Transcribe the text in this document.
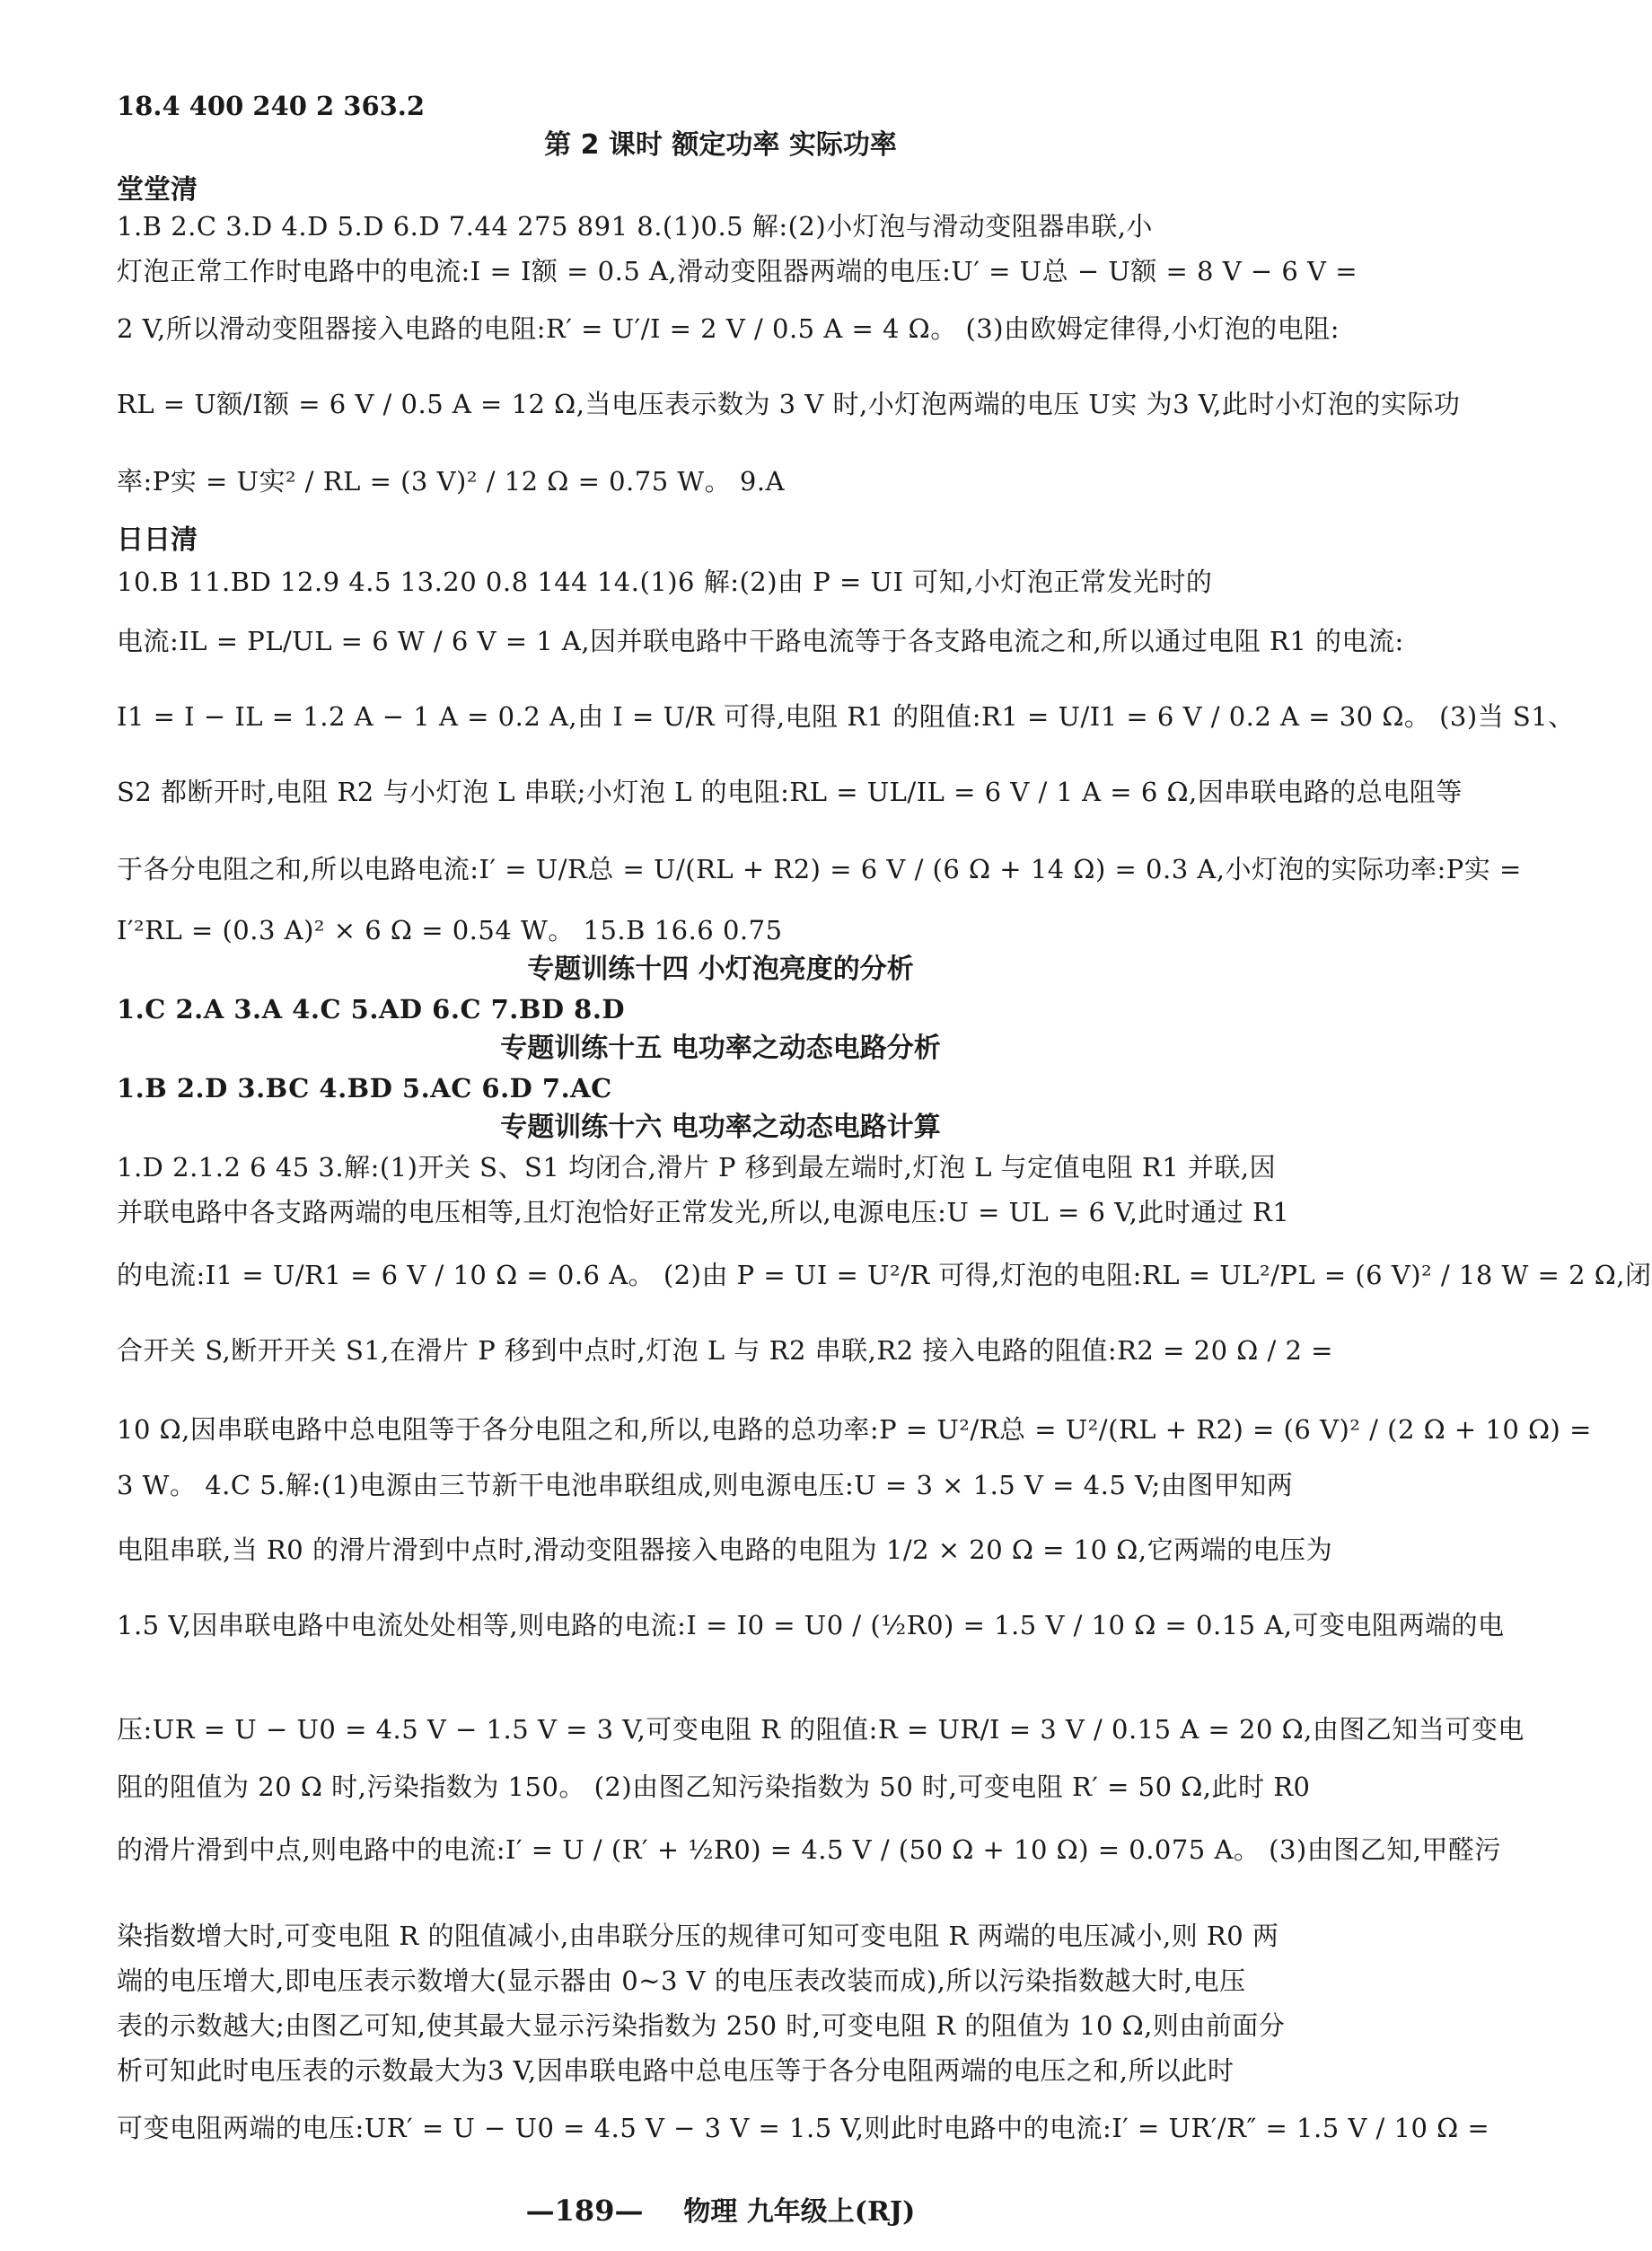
18.4 400 240 2 363.2
第 2 课时 额定功率 实际功率
堂堂清
1.B 2.C 3.D 4.D 5.D 6.D 7.44 275 891 8.(1)0.5 解:(2)小灯泡与滑动变阻器串联,小
灯泡正常工作时电路中的电流:I = I额 = 0.5 A,滑动变阻器两端的电压:U′ = U总 − U额 = 8 V − 6 V =
2 V,所以滑动变阻器接入电路的电阻:R′ = U′/I = 2 V / 0.5 A = 4 Ω。 (3)由欧姆定律得,小灯泡的电阻:
RL = U额/I额 = 6 V / 0.5 A = 12 Ω,当电压表示数为 3 V 时,小灯泡两端的电压 U实 为3 V,此时小灯泡的实际功
率:P实 = U实² / RL = (3 V)² / 12 Ω = 0.75 W。 9.A
日日清
10.B 11.BD 12.9 4.5 13.20 0.8 144 14.(1)6 解:(2)由 P = UI 可知,小灯泡正常发光时的
电流:IL = PL/UL = 6 W / 6 V = 1 A,因并联电路中干路电流等于各支路电流之和,所以通过电阻 R1 的电流:
I1 = I − IL = 1.2 A − 1 A = 0.2 A,由 I = U/R 可得,电阻 R1 的阻值:R1 = U/I1 = 6 V / 0.2 A = 30 Ω。 (3)当 S1、
S2 都断开时,电阻 R2 与小灯泡 L 串联;小灯泡 L 的电阻:RL = UL/IL = 6 V / 1 A = 6 Ω,因串联电路的总电阻等
于各分电阻之和,所以电路电流:I′ = U/R总 = U/(RL + R2) = 6 V / (6 Ω + 14 Ω) = 0.3 A,小灯泡的实际功率:P实 =
I′²RL = (0.3 A)² × 6 Ω = 0.54 W。 15.B 16.6 0.75
专题训练十四 小灯泡亮度的分析
1.C 2.A 3.A 4.C 5.AD 6.C 7.BD 8.D
专题训练十五 电功率之动态电路分析
1.B 2.D 3.BC 4.BD 5.AC 6.D 7.AC
专题训练十六 电功率之动态电路计算
1.D 2.1.2 6 45 3.解:(1)开关 S、S1 均闭合,滑片 P 移到最左端时,灯泡 L 与定值电阻 R1 并联,因
并联电路中各支路两端的电压相等,且灯泡恰好正常发光,所以,电源电压:U = UL = 6 V,此时通过 R1
的电流:I1 = U/R1 = 6 V / 10 Ω = 0.6 A。 (2)由 P = UI = U²/R 可得,灯泡的电阻:RL = UL²/PL = (6 V)² / 18 W = 2 Ω,闭
合开关 S,断开开关 S1,在滑片 P 移到中点时,灯泡 L 与 R2 串联,R2 接入电路的阻值:R2 = 20 Ω / 2 =
10 Ω,因串联电路中总电阻等于各分电阻之和,所以,电路的总功率:P = U²/R总 = U²/(RL + R2) = (6 V)² / (2 Ω + 10 Ω) =
3 W。 4.C 5.解:(1)电源由三节新干电池串联组成,则电源电压:U = 3 × 1.5 V = 4.5 V;由图甲知两
电阻串联,当 R0 的滑片滑到中点时,滑动变阻器接入电路的电阻为 1/2 × 20 Ω = 10 Ω,它两端的电压为
1.5 V,因串联电路中电流处处相等,则电路的电流:I = I0 = U0 / (½R0) = 1.5 V / 10 Ω = 0.15 A,可变电阻两端的电
压:UR = U − U0 = 4.5 V − 1.5 V = 3 V,可变电阻 R 的阻值:R = UR/I = 3 V / 0.15 A = 20 Ω,由图乙知当可变电
阻的阻值为 20 Ω 时,污染指数为 150。 (2)由图乙知污染指数为 50 时,可变电阻 R′ = 50 Ω,此时 R0
的滑片滑到中点,则电路中的电流:I′ = U / (R′ + ½R0) = 4.5 V / (50 Ω + 10 Ω) = 0.075 A。 (3)由图乙知,甲醛污
染指数增大时,可变电阻 R 的阻值减小,由串联分压的规律可知可变电阻 R 两端的电压减小,则 R0 两
端的电压增大,即电压表示数增大(显示器由 0~3 V 的电压表改装而成),所以污染指数越大时,电压
表的示数越大;由图乙可知,使其最大显示污染指数为 250 时,可变电阻 R 的阻值为 10 Ω,则由前面分
析可知此时电压表的示数最大为3 V,因串联电路中总电压等于各分电阻两端的电压之和,所以此时
可变电阻两端的电压:UR′ = U − U0 = 4.5 V − 3 V = 1.5 V,则此时电路中的电流:I′ = UR′/R″ = 1.5 V / 10 Ω =
—189— 物理 九年级上(RJ)
